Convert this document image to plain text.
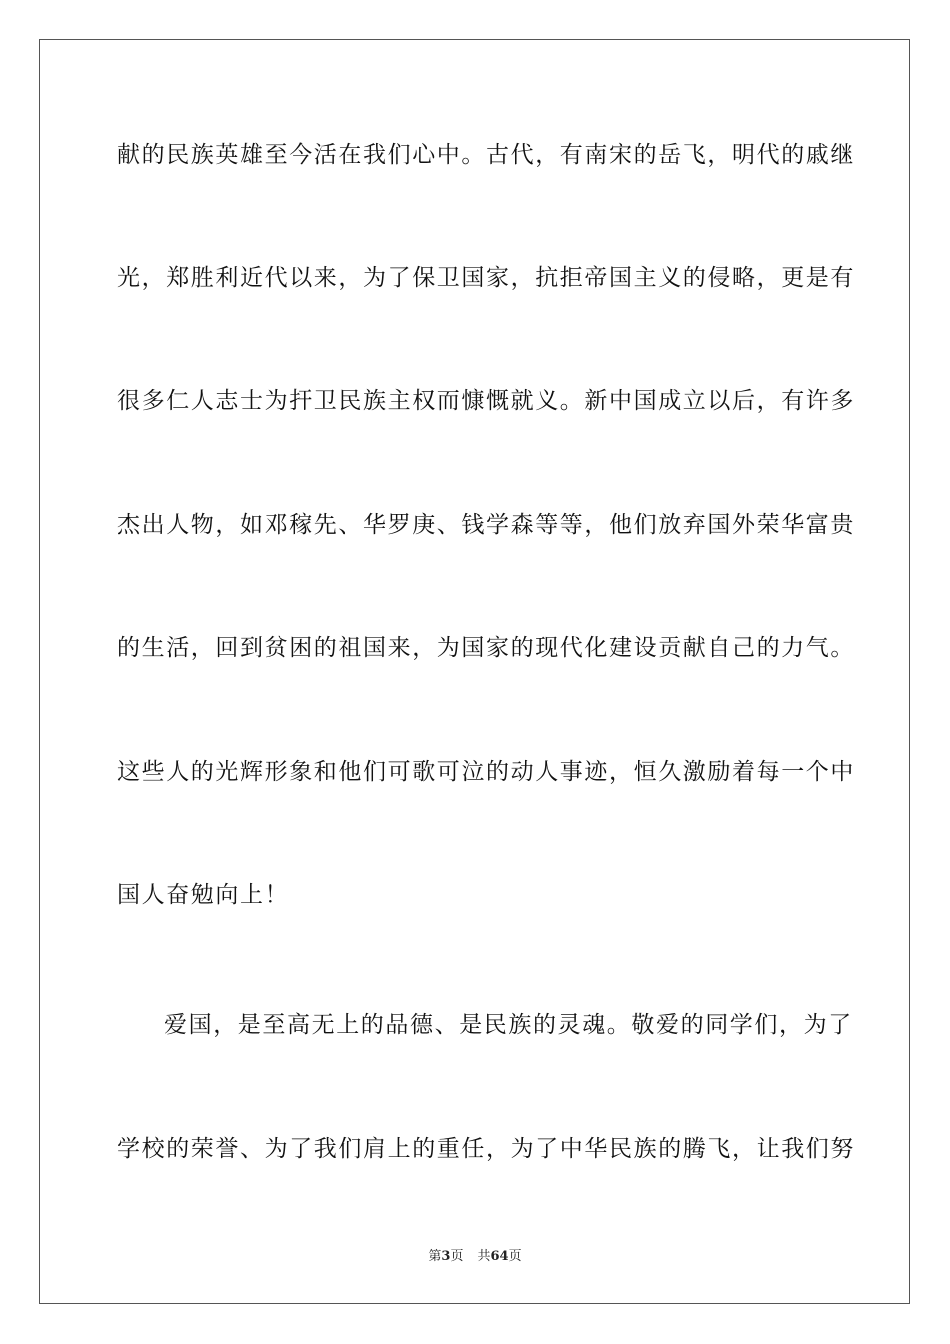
献的民族英雄至今活在我们心中。古代，有南宋的岳飞，明代的戚继
光，郑胜利近代以来，为了保卫国家，抗拒帝国主义的侵略，更是有
很多仁人志士为扞卫民族主权而慷慨就义。新中国成立以后，有许多
杰出人物，如邓稼先、华罗庚、钱学森等等，他们放弃国外荣华富贵
的生活，回到贫困的祖国来，为国家的现代化建设贡献自己的力气。
这些人的光辉形象和他们可歌可泣的动人事迹，恒久激励着每一个中
国人奋勉向上！
爱国，是至高无上的品德、是民族的灵魂。敬爱的同学们，为了
学校的荣誉、为了我们肩上的重任，为了中华民族的腾飞，让我们努
第3页 共64页
